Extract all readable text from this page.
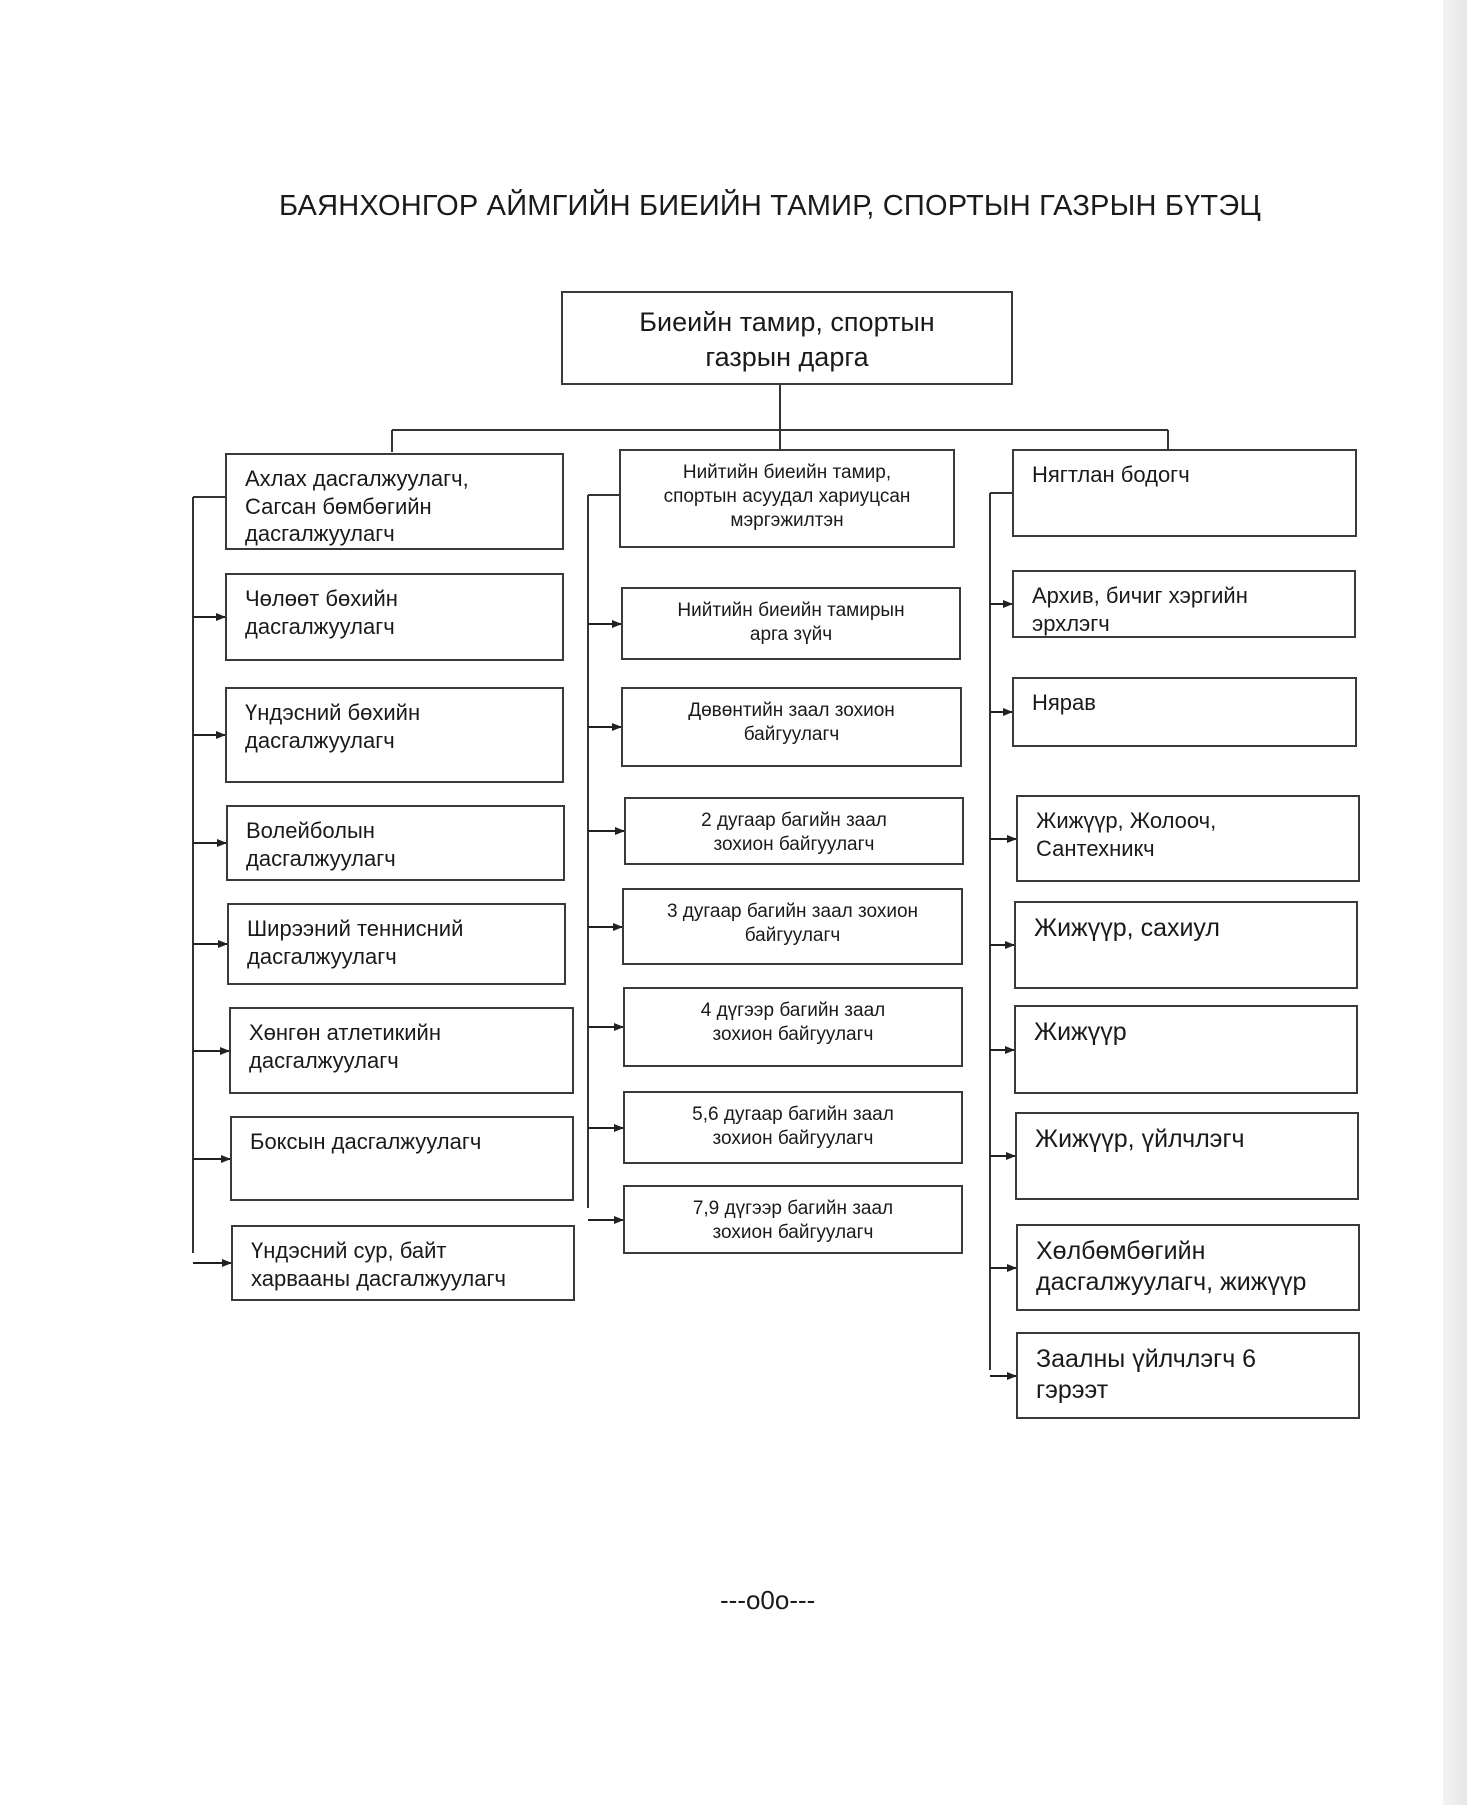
БАЯНХОНГОР АЙМГИЙН БИЕИЙН ТАМИР, СПОРТЫН ГАЗРЫН БҮТЭЦ
Биеийн тамир, спортын
газрын дарга
Ахлах дасгалжуулагч,
Сагсан бөмбөгийн
дасгалжуулагч
Чөлөөт бөхийн
дасгалжуулагч
Үндэсний бөхийн
дасгалжуулагч
Волейболын
дасгалжуулагч
Ширээний теннисний
дасгалжуулагч
Хөнгөн атлетикийн
дасгалжуулагч
Боксын дасгалжуулагч
Үндэсний сур, байт
харвааны дасгалжуулагч
Нийтийн биеийн тамир,
спортын асуудал хариуцсан
мэргэжилтэн
Нийтийн биеийн тамирын
арга зүйч
Дөвөнтийн заал зохион
байгуулагч
2 дугаар багийн заал
зохион байгуулагч
3 дугаар багийн заал зохион
байгуулагч
4 дүгээр багийн заал
зохион байгуулагч
5,6 дугаар багийн заал
зохион байгуулагч
7,9 дүгээр багийн заал
зохион байгуулагч
Нягтлан бодогч
Архив, бичиг хэргийн
эрхлэгч
Нярав
Жижүүр, Жолооч,
Сантехникч
Жижүүр, сахиул
Жижүүр
Жижүүр, үйлчлэгч
Хөлбөмбөгийн
дасгалжуулагч, жижүүр
Заалны үйлчлэгч 6
гэрээт
---o0o---
